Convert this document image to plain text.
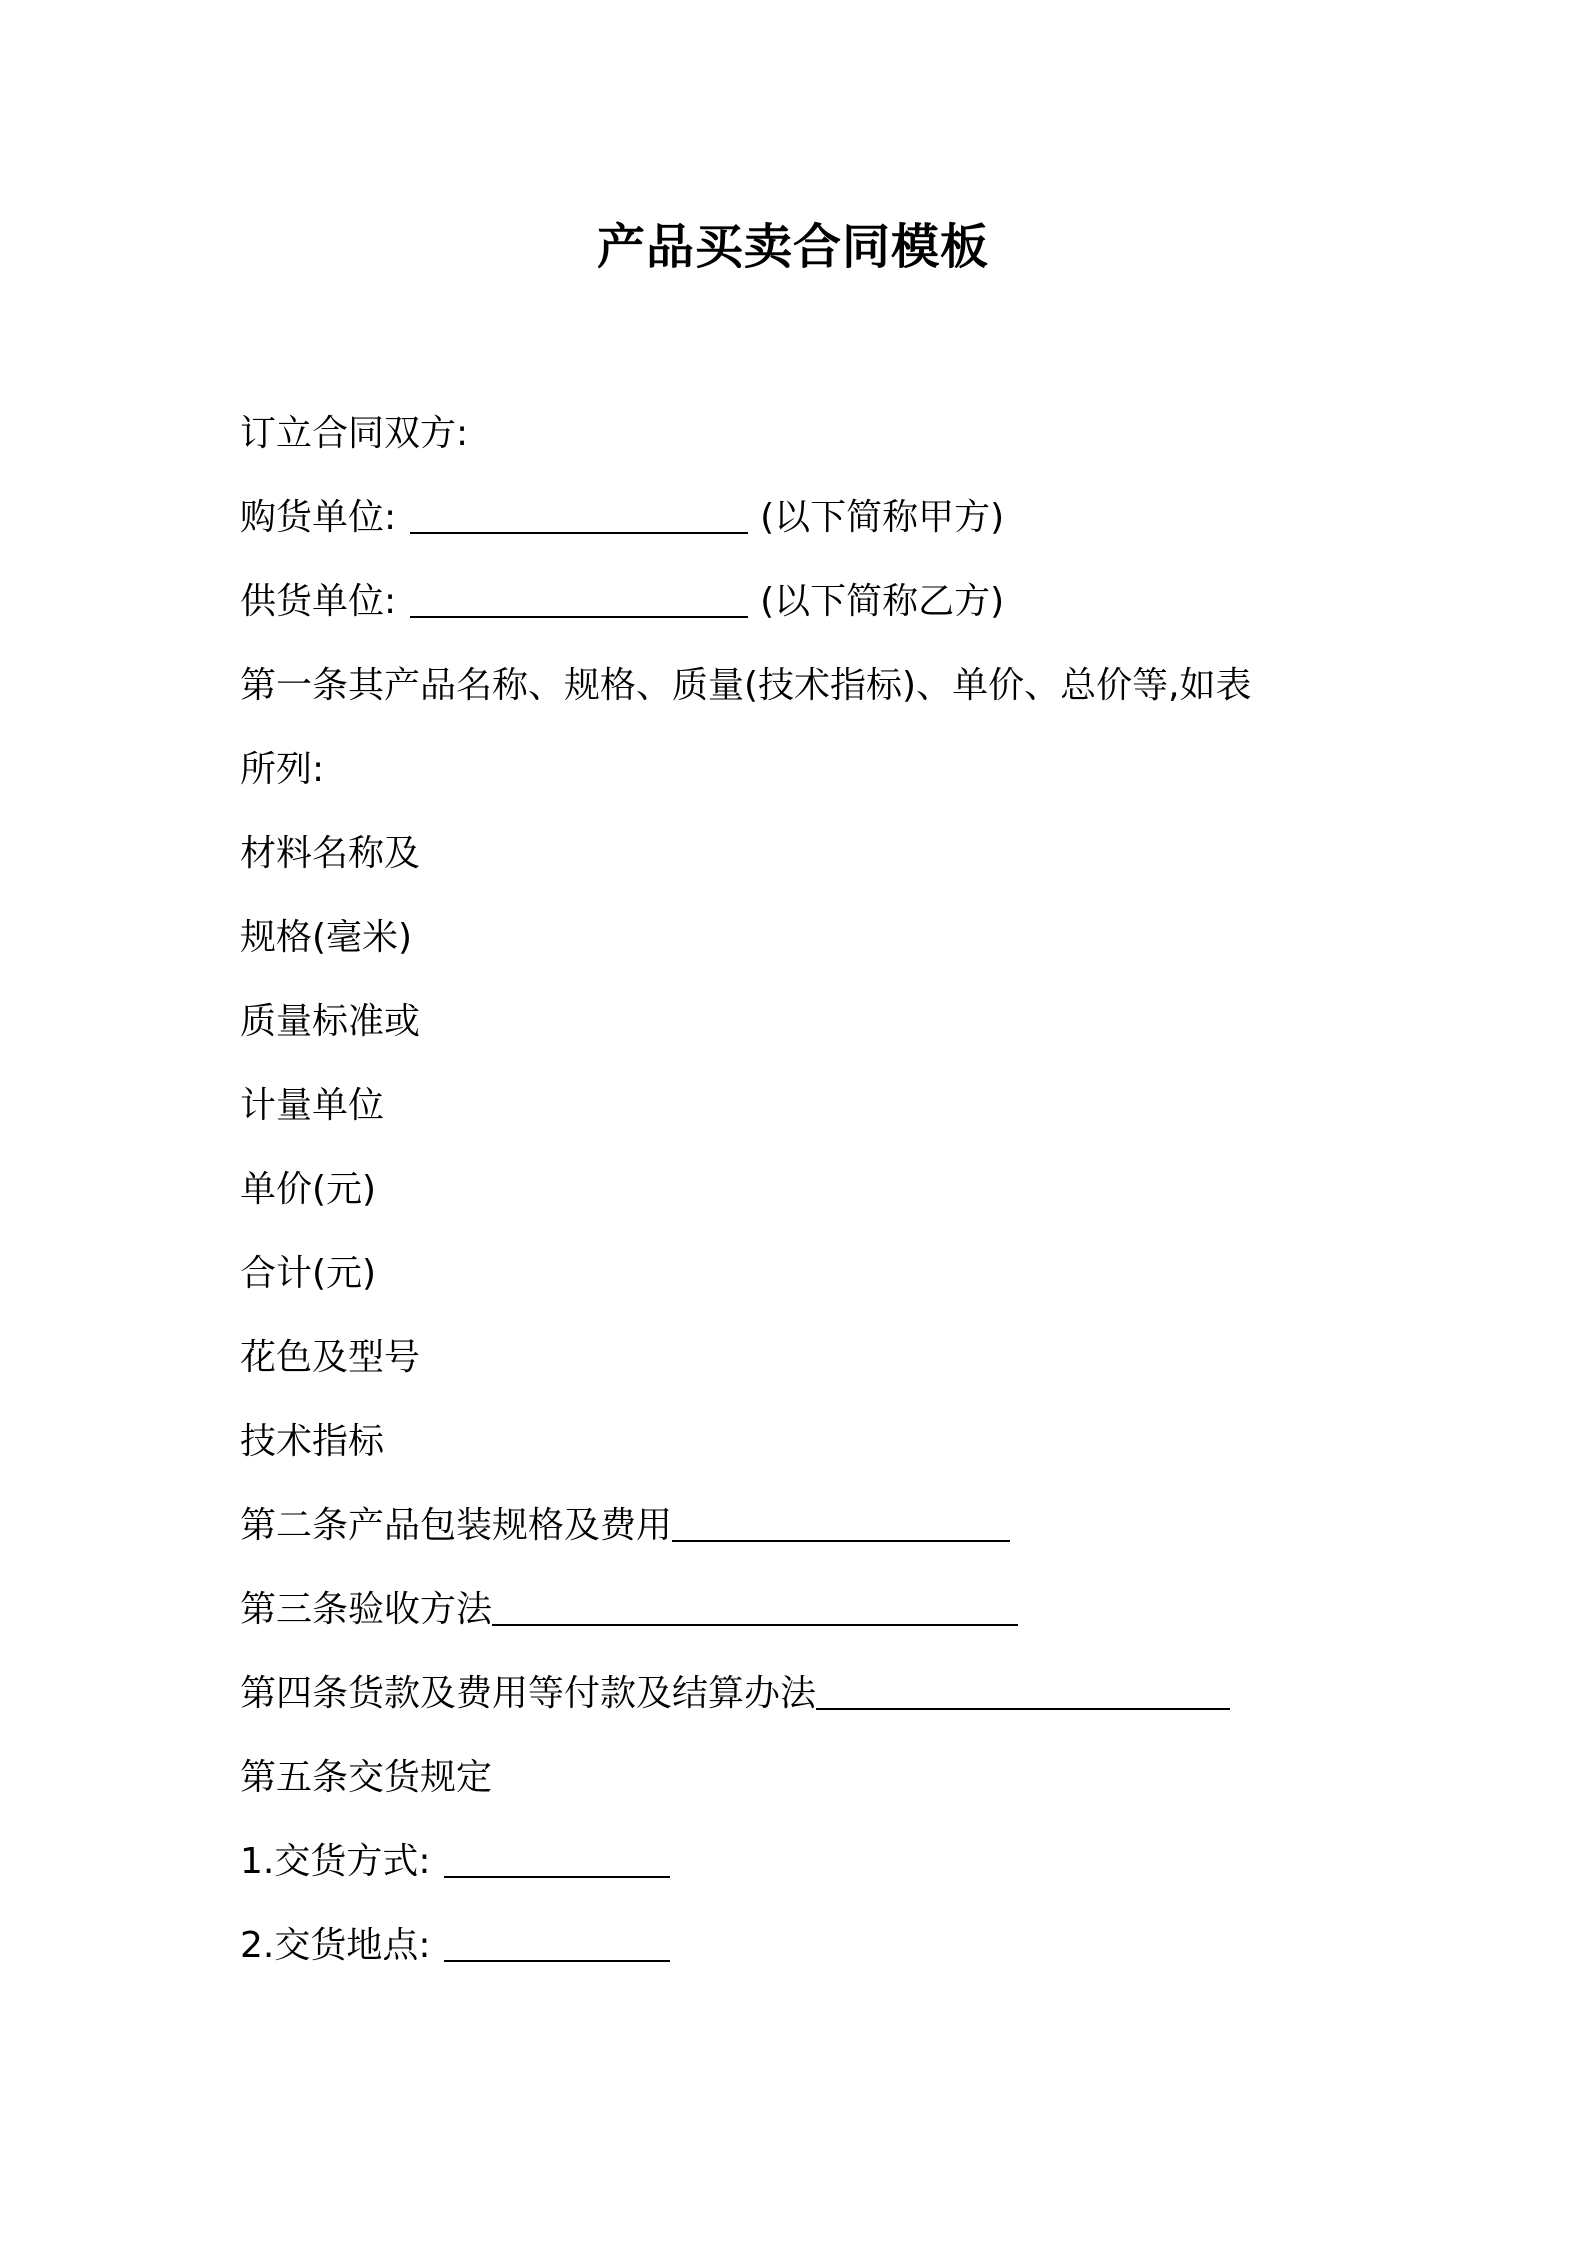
产品买卖合同模板
订立合同双方:
购货单位:	(以下简称甲方)
供货单位:	(以下简称乙方)
第一条其产品名称、规格、质量(技术指标)、单价、总价等,如表
所列:
材料名称及
规格(毫米)
质量标准或
计量单位
单价(元)
合计(元)
花色及型号
技术指标
第二条产品包装规格及费用
第三条验收方法
第四条货款及费用等付款及结算办法
第五条交货规定
1.交货方式:
2.交货地点:
